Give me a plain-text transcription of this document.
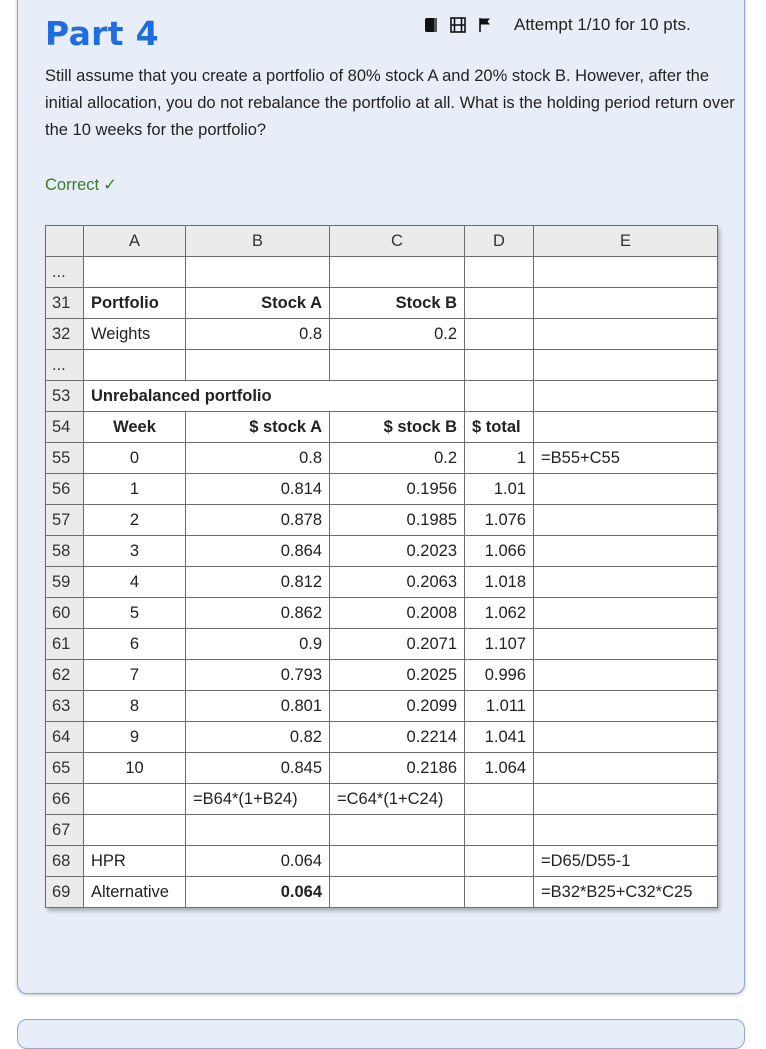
Part 4	Attempt 1/10 for 10 pts.

Still assume that you create a portfolio of 80% stock A and 20% stock B. However, after the initial allocation, you do not rebalance the portfolio at all. What is the holding period return over the 10 weeks for the portfolio?

Correct ✓
	A	B	C	D	E
...					
31	Portfolio	Stock A	Stock B		
32	Weights	0.8	0.2		
...					
53	Unrebalanced portfolio				
54	Week	$ stock A	$ stock B	$ total	
55	0	0.8	0.2	1	=B55+C55
56	1	0.814	0.1956	1.01	
57	2	0.878	0.1985	1.076	
58	3	0.864	0.2023	1.066	
59	4	0.812	0.2063	1.018	
60	5	0.862	0.2008	1.062	
61	6	0.9	0.2071	1.107	
62	7	0.793	0.2025	0.996	
63	8	0.801	0.2099	1.011	
64	9	0.82	0.2214	1.041	
65	10	0.845	0.2186	1.064	
66		=B64*(1+B24)	=C64*(1+C24)		
67					
68	HPR	0.064			=D65/D55-1
69	Alternative	0.064			=B32*B25+C32*C25
